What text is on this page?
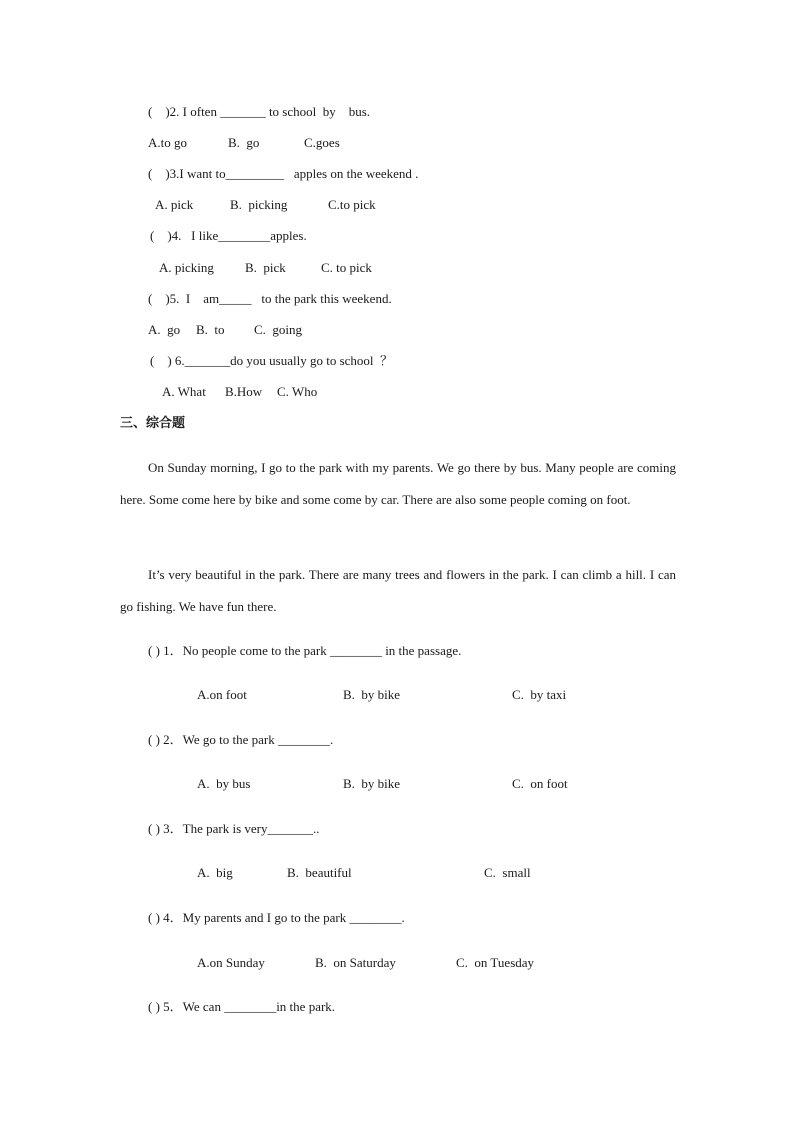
(    )2. I often _______ to school  by    bus.
A.to go	B.  go	C.goes
(    )3.I want to_________   apples on the weekend .
A. pick	B.  picking	C.to pick
(    )4.   I like________apples.
A. picking B.  pick	C. to pick
(    )5.  I    am_____   to the park this weekend.
A.  go B.  to C.  going
(    ) 6._______do you usually go to school  ？
A. What B.How C. Who
三、综合题
On Sunday morning, I go to the park with my parents. We go there by bus. Many people are coming here. Some come here by bike and some come by car. There are also some people coming on foot.
It’s very beautiful in the park. There are many trees and flowers in the park. I can climb a hill. I can go fishing. We have fun there.
( ) 1．No people come to the park ________ in the passage.
A.on foot	B.  by bike	C.  by taxi
( ) 2．We go to the park ________.
A.  by bus	B.  by bike	C.  on foot
( ) 3．The park is very_______..
A.  big	B.  beautiful	C.  small
( ) 4．My parents and I go to the park ________.
A.on Sunday	B.  on Saturday	C.  on Tuesday
( ) 5．We can ________in the park.
